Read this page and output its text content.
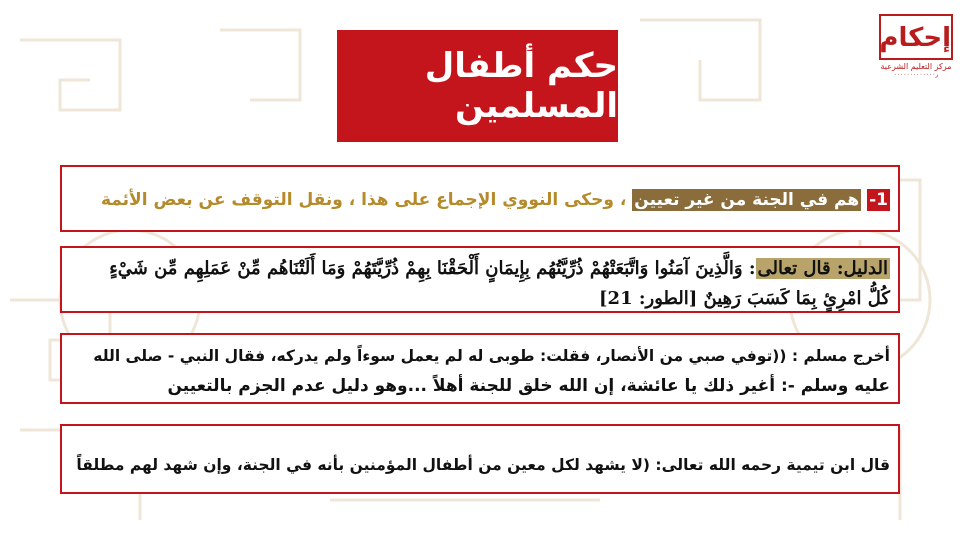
إحكام
مركز التعليم الشرعية
ر٠٠٠٠٠٠٠٠٠٠٠٠٠
حكم أطفال المسلمين
1- هم في الجنة من غير تعيين ، وحكى النووي الإجماع على هذا ، ونقل التوقف عن بعض الأئمة
الدليل: قال تعالى: وَالَّذِينَ آمَنُوا وَاتَّبَعَتْهُمْ ذُرِّيَّتُهُم بِإِيمَانٍ أَلْحَقْنَا بِهِمْ ذُرِّيَّتَهُمْ وَمَا أَلَتْنَاهُم مِّنْ عَمَلِهِم مِّن شَيْءٍ
كُلُّ امْرِئٍ بِمَا كَسَبَ رَهِينٌ [الطور: 21]
أخرج مسلم : ((توفي صبي من الأنصار، فقلت: طوبى له لم يعمل سوءاً ولم يدركه، فقال النبي - صلى الله
عليه وسلم -: أغير ذلك يا عائشة، إن الله خلق للجنة أهلاً ...وهو دليل عدم الجزم بالتعيين
قال ابن تيمية رحمه الله تعالى: (لا يشهد لكل معين من أطفال المؤمنين بأنه في الجنة، وإن شهد لهم مطلقاً
